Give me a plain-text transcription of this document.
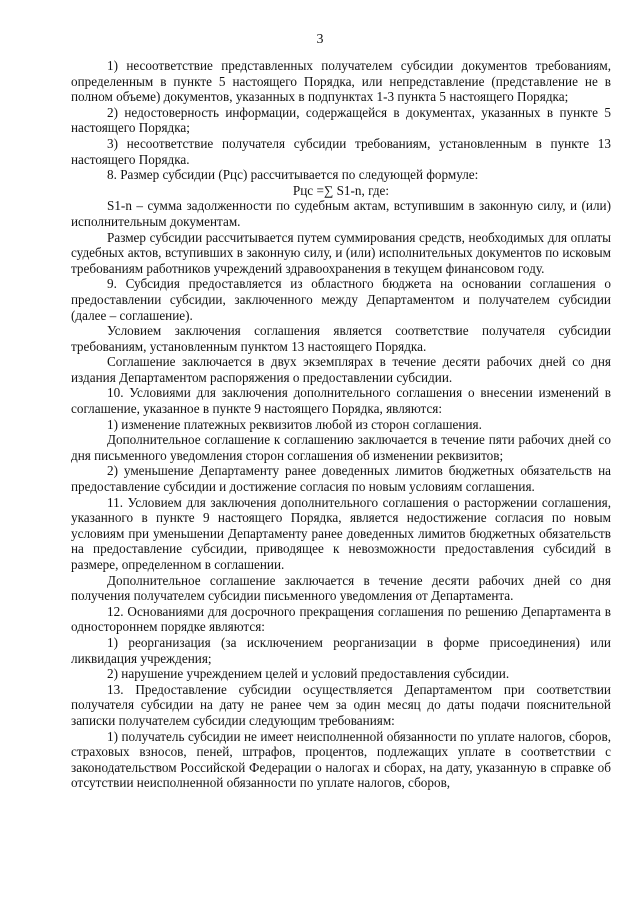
3

1) несоответствие представленных получателем субсидии документов требованиям, определенным в пункте 5 настоящего Порядка, или непредставление (представление не в полном объеме) документов, указанных в подпунктах 1-3 пункта 5 настоящего Порядка;

2) недостоверность информации, содержащейся в документах, указанных в пункте 5 настоящего Порядка;

3) несоответствие получателя субсидии требованиям, установленным в пункте 13 настоящего Порядка.

8. Размер субсидии (Рцс) рассчитывается по следующей формуле:

Рцс =∑ S1-n, где:

S1-n – сумма задолженности по судебным актам, вступившим в законную силу, и (или) исполнительным документам.

Размер субсидии рассчитывается путем суммирования средств, необходимых для оплаты судебных актов, вступивших в законную силу, и (или) исполнительных документов по исковым требованиям работников учреждений здравоохранения в текущем финансовом году.

9. Субсидия предоставляется из областного бюджета на основании соглашения о предоставлении субсидии, заключенного между Департаментом и получателем субсидии (далее – соглашение).

Условием заключения соглашения является соответствие получателя субсидии требованиям, установленным пунктом 13 настоящего Порядка.

Соглашение заключается в двух экземплярах в течение десяти рабочих дней со дня издания Департаментом распоряжения о предоставлении субсидии.

10. Условиями для заключения дополнительного соглашения о внесении изменений в соглашение, указанное в пункте 9 настоящего Порядка, являются:

1) изменение платежных реквизитов любой из сторон соглашения.

Дополнительное соглашение к соглашению заключается в течение пяти рабочих дней со дня письменного уведомления сторон соглашения об изменении реквизитов;

2) уменьшение Департаменту ранее доведенных лимитов бюджетных обязательств на предоставление субсидии и достижение согласия по новым условиям соглашения.

11. Условием для заключения дополнительного соглашения о расторжении соглашения, указанного в пункте 9 настоящего Порядка, является недостижение согласия по новым условиям при уменьшении Департаменту ранее доведенных лимитов бюджетных обязательств на предоставление субсидии, приводящее к невозможности предоставления субсидий в размере, определенном в соглашении.

Дополнительное соглашение заключается в течение десяти рабочих дней со дня получения получателем субсидии письменного уведомления от Департамента.

12. Основаниями для досрочного прекращения соглашения по решению Департамента в одностороннем порядке являются:

1) реорганизация (за исключением реорганизации в форме присоединения) или ликвидация учреждения;

2) нарушение учреждением целей и условий предоставления субсидии.

13. Предоставление субсидии осуществляется Департаментом при соответствии получателя субсидии на дату не ранее чем за один месяц до даты подачи пояснительной записки получателем субсидии следующим требованиям:

1) получатель субсидии не имеет неисполненной обязанности по уплате налогов, сборов, страховых взносов, пеней, штрафов, процентов, подлежащих уплате в соответствии с законодательством Российской Федерации о налогах и сборах, на дату, указанную в справке об отсутствии неисполненной обязанности по уплате налогов, сборов,
